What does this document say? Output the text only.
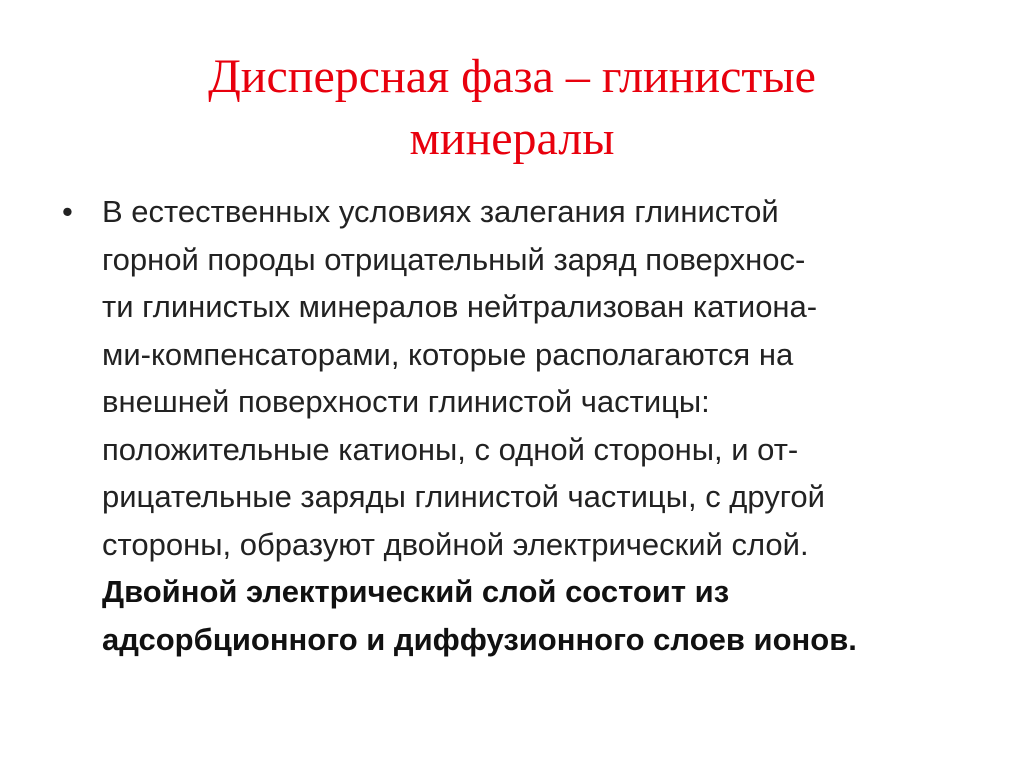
Дисперсная фаза – глинистые
минералы
• В естественных условиях залегания глинистой
горной породы отрицательный заряд поверхнос-
ти глинистых минералов нейтрализован катиона-
ми-компенсаторами, которые располагаются на
внешней поверхности глинистой частицы:
положительные катионы, с одной стороны, и от-
рицательные заряды глинистой частицы, с другой
стороны, образуют двойной электрический слой.
Двойной электрический слой состоит из
адсорбционного и диффузионного слоев ионов.
